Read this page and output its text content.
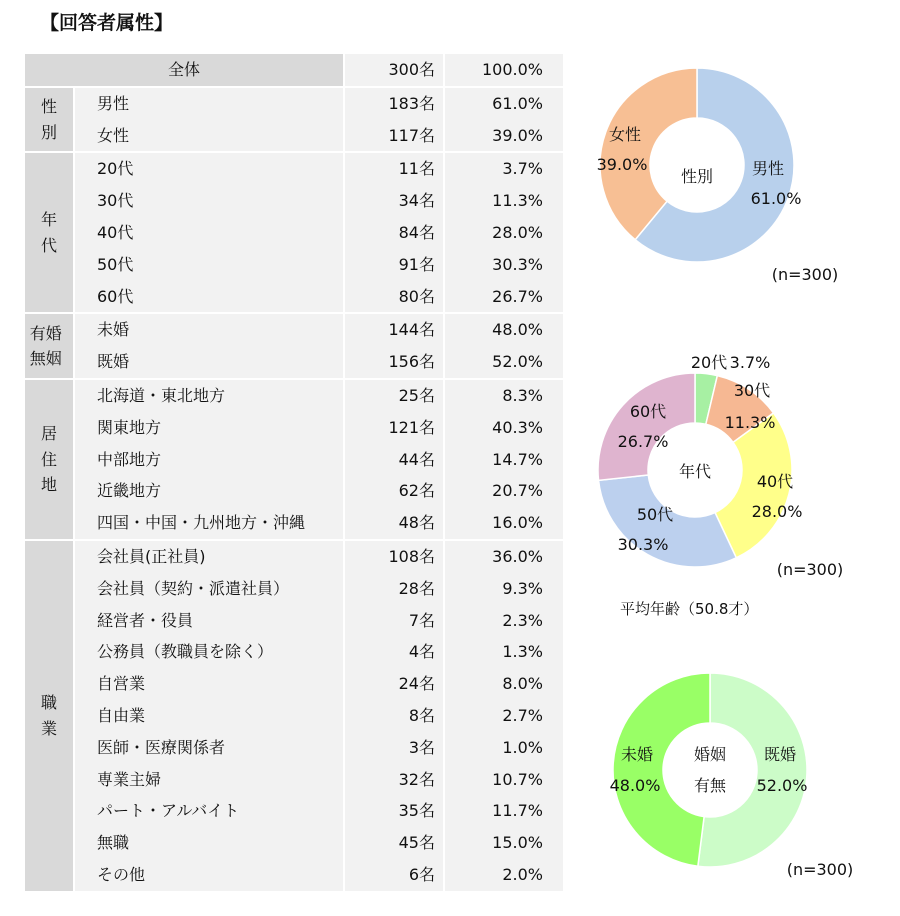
【回答者属性】
全体		300名	100.0%
性別	男性	183名	61.0%
	女性	117名	39.0%
年代	20代	11名	3.7%
	30代	34名	11.3%
	40代	84名	28.0%
	50代	91名	30.3%
	60代	80名	26.7%
有婚無姻	未婚	144名	48.0%
	既婚	156名	52.0%
居住地	北海道・東北地方	25名	8.3%
	関東地方	121名	40.3%
	中部地方	44名	14.7%
	近畿地方	62名	20.7%
	四国・中国・九州地方・沖縄	48名	16.0%
職業	会社員(正社員)	108名	36.0%
	会社員（契約・派遣社員）	28名	9.3%
	経営者・役員	7名	2.3%
	公務員（教職員を除く）	4名	1.3%
	自営業	24名	8.0%
	自由業	8名	2.7%
	医師・医療関係者	3名	1.0%
	専業主婦	32名	10.7%
	パート・アルバイト	35名	11.7%
	無職	45名	15.0%
	その他	6名	2.0%
男性
61.0%
女性
39.0%
性別
(n=300)
20代 3.7%
30代
11.3%
40代
28.0%
50代
30.3%
60代
26.7%
年代
(n=300)
平均年齢（50.8才）
既婚
52.0%
未婚
48.0%
婚姻
有無
(n=300)
